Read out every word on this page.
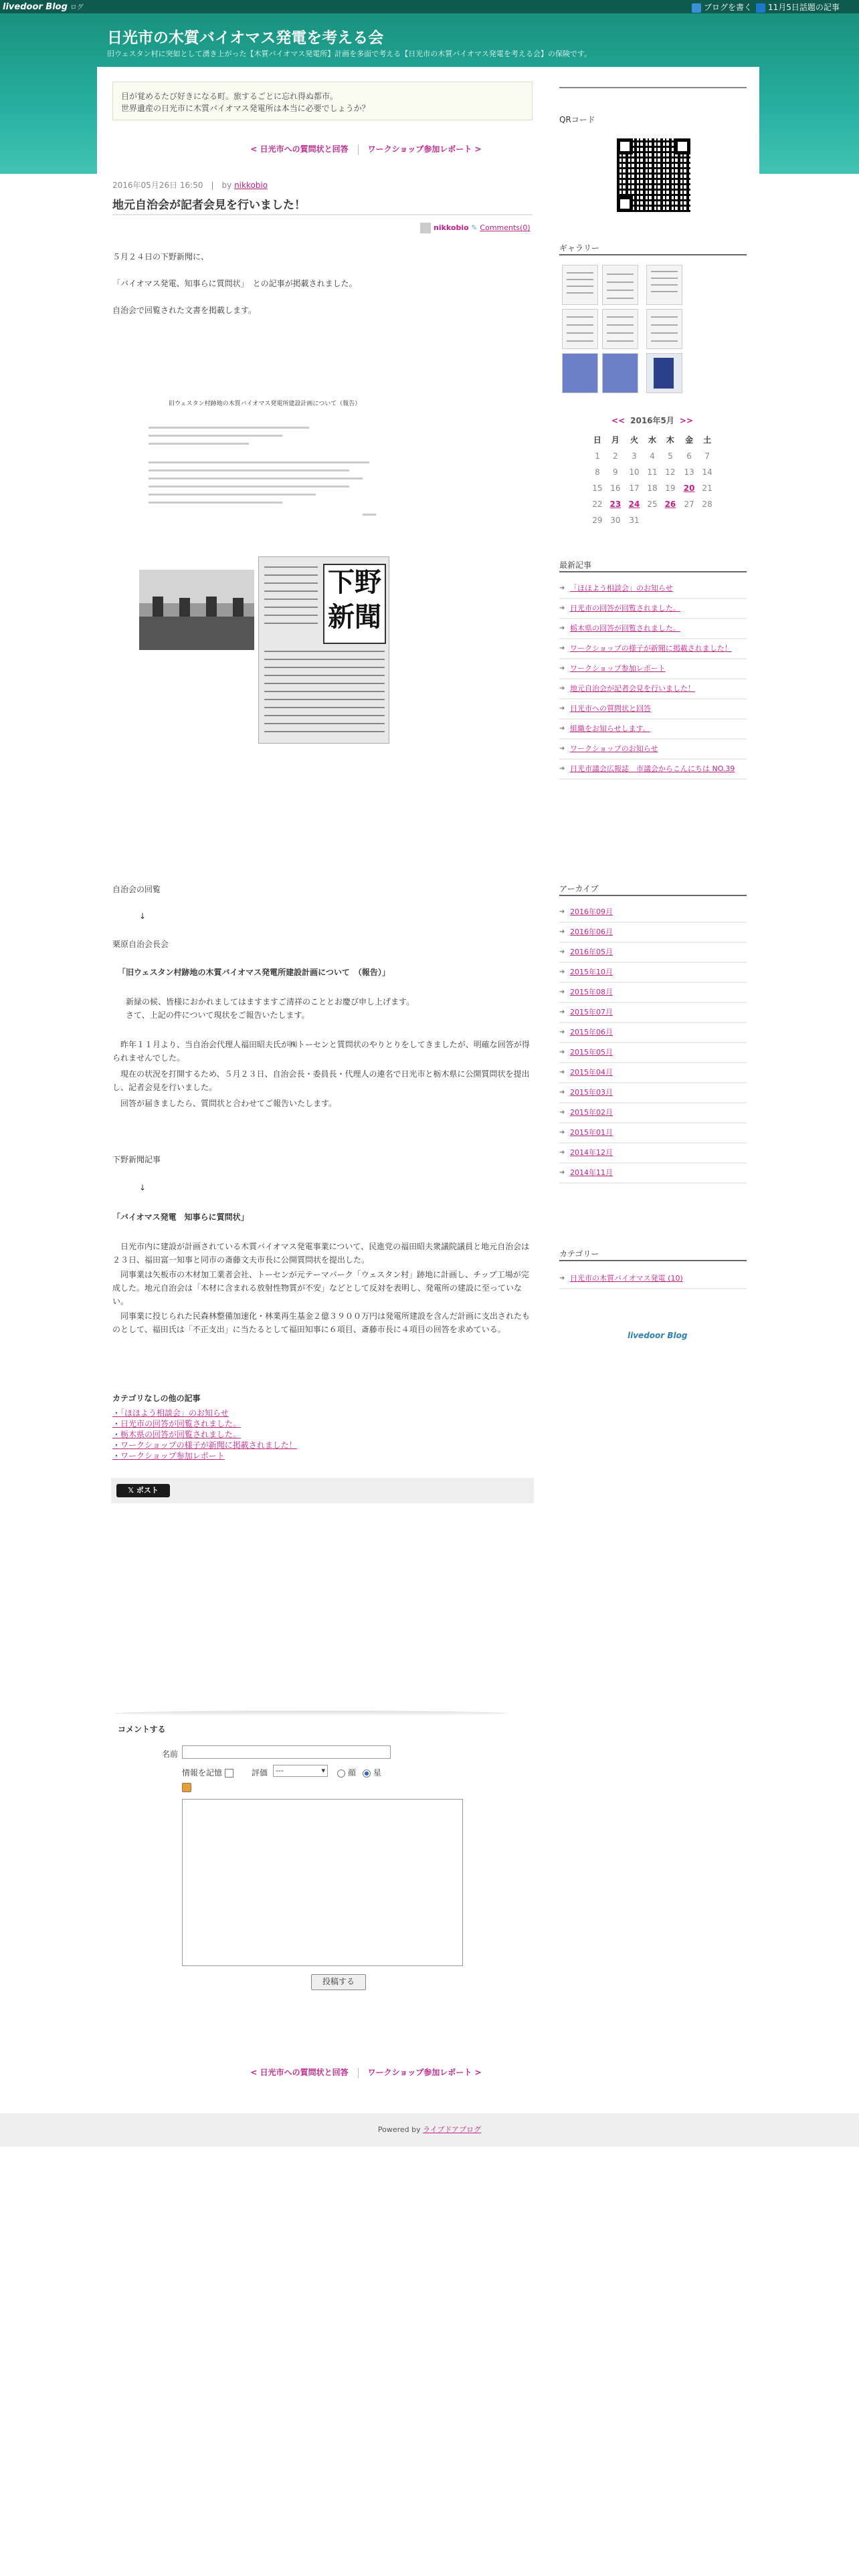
livedoor Blog ログ	ブログを書く	11月5日話題の記事
日光市の木質バイオマス発電を考える会
旧ウェスタン村に突如として湧き上がった【木質バイオマス発電所】計画を多面で考える【日光市の木質バイオマス発電を考える会】の保険です。
目が覚めるたび好きになる町。旅するごとに忘れ得ぬ都市。
世界遺産の日光市に木質バイオマス発電所は本当に必要でしょうか？
< 日光市への質問状と回答 ワークショップ参加レポート >
2016年05月26日 16:50　|　by nikkobio
地元自治会が記者会見を行いました！
nikkobio ✎ Comments(0)

５月２４日の下野新聞に、

「バイオマス発電、知事らに質問状」　との記事が掲載されました。

自治会で回覧された文書を掲載します。

自治会の回覧

↓

栗原自治会長会

「旧ウェスタン村跡地の木質バイオマス発電所建設計画について　（報告）」

　新緑の候、皆様におかれましてはますますご清祥のこととお慶び申し上げます。

　さて、上記の件について現状をご報告いたします。

　昨年１１月より、当自治会代理人福田昭夫氏が㈱トーセンと質問状のやりとりをしてきましたが、明確な回答が得られませんでした。

　現在の状況を打開するため、５月２３日、自治会長・委員長・代理人の連名で日光市と栃木県に公開質問状を提出し、記者会見を行いました。

　回答が届きましたら、質問状と合わせてご報告いたします。

下野新聞記事

↓

「バイオマス発電　知事らに質問状」

　日光市内に建設が計画されている木質バイオマス発電事業について、民進党の福田昭夫衆議院議員と地元自治会は２３日、福田富一知事と同市の斎藤文夫市長に公開質問状を提出した。

　同事業は矢板市の木材加工業者会社、トーセンが元テーマパーク「ウェスタン村」跡地に計画し、チップ工場が完成した。地元自治会は「木材に含まれる放射性物質が不安」などとして反対を表明し、発電所の建設に至っていない。

　同事業に投じられた民森林整備加速化・林業再生基金２億３９００万円は発電所建設を含んだ計画に支出されたものとして、福田氏は「不正支出」に当たるとして福田知事に６項目、斎藤市長に４項目の回答を求めている。

旧ウェスタン村跡地の木質バイオマス発電所建設計画について（報告）
下野新聞
カテゴリなしの他の記事
・ 「ほほよう相談会」のお知らせ
・ 日光市の回答が回覧されました。
・ 栃木県の回答が回覧されました。
・ ワークショップの様子が新聞に掲載されました！
・ ワークショップ参加レポート
𝕏 ポスト
コメントする
名前
情報を記憶	評価	---	▾	顔	星
投稿する
< 日光市への質問状と回答 ワークショップ参加レポート >
QRコード
ギャラリー
<< 2016年5月 >>
日	月	火	水	木	金	土
1	2	3	4	5	6	7
8	9	10	11	12	13	14
15	16	17	18	19	20	21
22	23	24	25	26	27	28
29	30	31				
最新記事
➔ 「ほほよう相談会」のお知らせ
➔ 日光市の回答が回覧されました。
➔ 栃木県の回答が回覧されました。
➔ ワークショップの様子が新聞に掲載されました！
➔ ワークショップ参加レポート
➔ 地元自治会が記者会見を行いました！
➔ 日光市への質問状と回答
➔ 組織をお知らせします。
➔ ワークショップのお知らせ
➔ 日光市議会広報誌　市議会からこんにちは NO.39
アーカイブ
➔ 2016年09月
➔ 2016年06月
➔ 2016年05月
➔ 2015年10月
➔ 2015年08月
➔ 2015年07月
➔ 2015年06月
➔ 2015年05月
➔ 2015年04月
➔ 2015年03月
➔ 2015年02月
➔ 2015年01月
➔ 2014年12月
➔ 2014年11月
カテゴリー
➔ 日光市の木質バイオマス発電 (10)
livedoor Blog
Powered by ライブドアブログ
